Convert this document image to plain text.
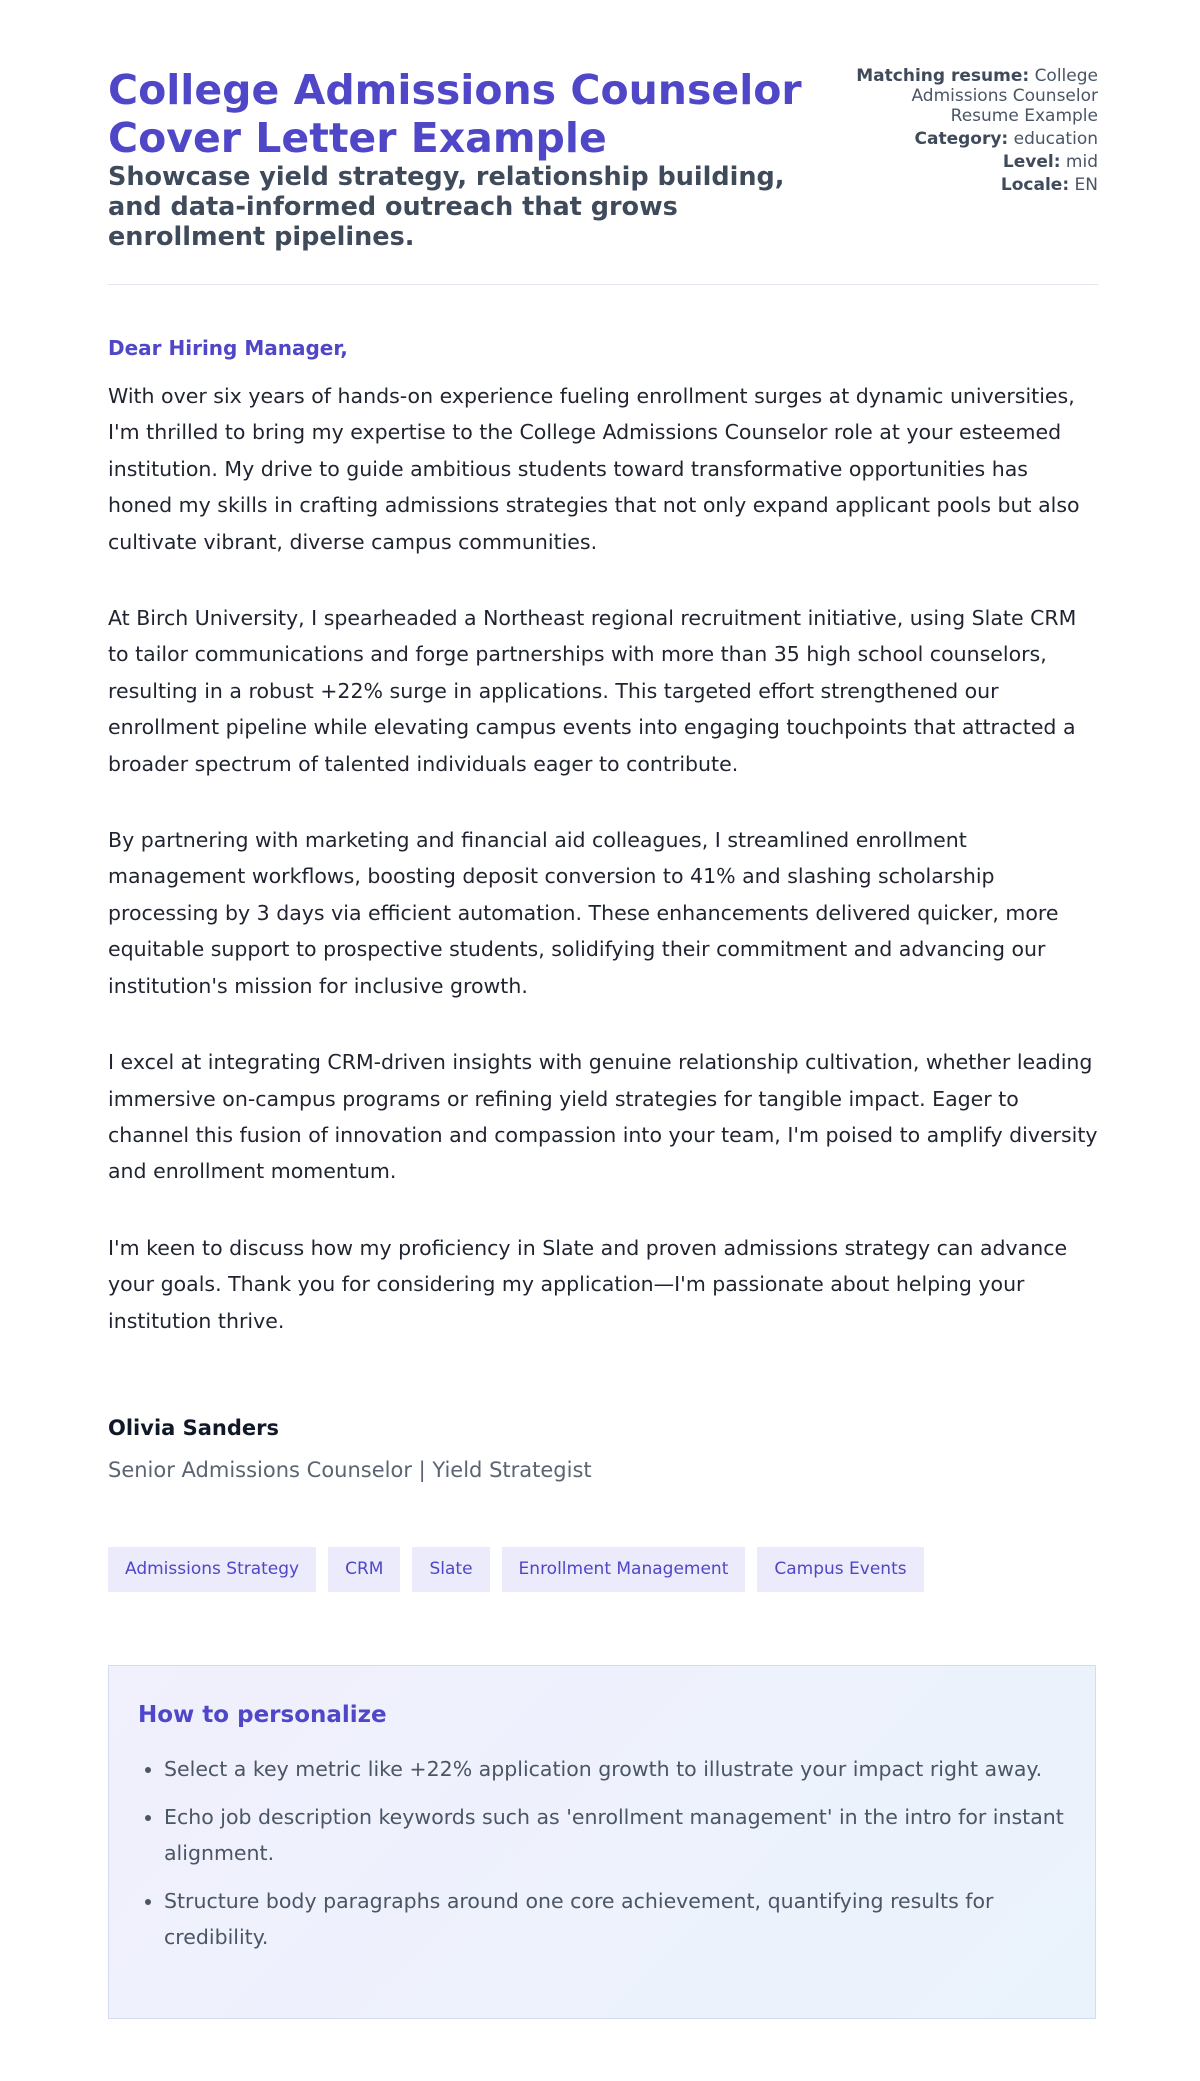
College Admissions Counselor Cover Letter Example
Showcase yield strategy, relationship building, and data-informed outreach that grows enrollment pipelines.
Matching resume: College Admissions Counselor Resume Example
Category: education
Level: mid
Locale: EN

Dear Hiring Manager,

With over six years of hands-on experience fueling enrollment surges at dynamic universities, I'm thrilled to bring my expertise to the College Admissions Counselor role at your esteemed institution. My drive to guide ambitious students toward transformative opportunities has honed my skills in crafting admissions strategies that not only expand applicant pools but also cultivate vibrant, diverse campus communities.

At Birch University, I spearheaded a Northeast regional recruitment initiative, using Slate CRM to tailor communications and forge partnerships with more than 35 high school counselors, resulting in a robust +22% surge in applications. This targeted effort strengthened our enrollment pipeline while elevating campus events into engaging touchpoints that attracted a broader spectrum of talented individuals eager to contribute.

By partnering with marketing and financial aid colleagues, I streamlined enrollment management workflows, boosting deposit conversion to 41% and slashing scholarship processing by 3 days via efficient automation. These enhancements delivered quicker, more equitable support to prospective students, solidifying their commitment and advancing our institution's mission for inclusive growth.

I excel at integrating CRM-driven insights with genuine relationship cultivation, whether leading immersive on-campus programs or refining yield strategies for tangible impact. Eager to channel this fusion of innovation and compassion into your team, I'm poised to amplify diversity and enrollment momentum.

I'm keen to discuss how my proficiency in Slate and proven admissions strategy can advance your goals. Thank you for considering my application—I'm passionate about helping your institution thrive.

Olivia Sanders
Senior Admissions Counselor | Yield Strategist
Admissions Strategy	CRM	Slate	Enrollment Management	Campus Events
How to personalize
• Select a key metric like +22% application growth to illustrate your impact right away.
• Echo job description keywords such as 'enrollment management' in the intro for instant alignment.
• Structure body paragraphs around one core achievement, quantifying results for credibility.
